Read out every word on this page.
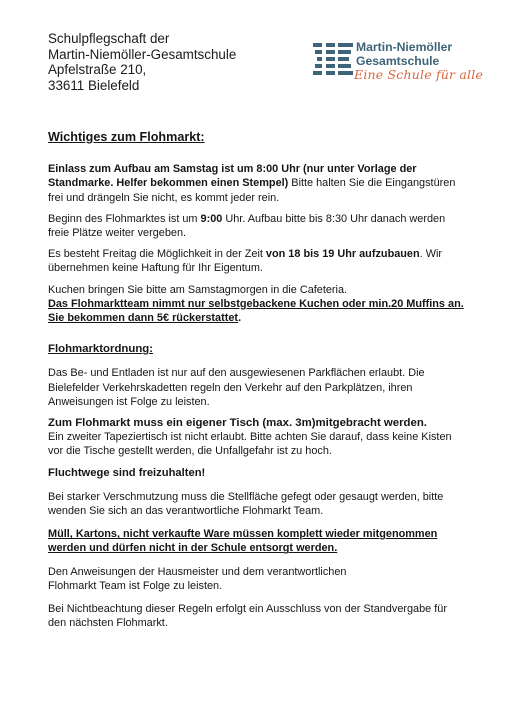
Schulpflegschaft der
Martin-Niemöller-Gesamtschule
Apfelstraße 210,
33611 Bielefeld
Martin-Niemöller
Gesamtschule
Eine Schule für alle
Wichtiges zum Flohmarkt:
Einlass zum Aufbau am Samstag ist um 8:00 Uhr (nur unter Vorlage der Standmarke. Helfer bekommen einen Stempel) Bitte halten Sie die Eingangstüren frei und drängeln Sie nicht, es kommt jeder rein.
Beginn des Flohmarktes ist um 9:00 Uhr. Aufbau bitte bis 8:30 Uhr danach werden freie Plätze weiter vergeben.
Es besteht Freitag die Möglichkeit in der Zeit von 18 bis 19 Uhr aufzubauen. Wir übernehmen keine Haftung für Ihr Eigentum.
Kuchen bringen Sie bitte am Samstagmorgen in die Cafeteria.
Das Flohmarktteam nimmt nur selbstgebackene Kuchen oder min.20 Muffins an. Sie bekommen dann 5€ rückerstattet.
Flohmarktordnung:
Das Be- und Entladen ist nur auf den ausgewiesenen Parkflächen erlaubt. Die Bielefelder Verkehrskadetten regeln den Verkehr auf den Parkplätzen, ihren Anweisungen ist Folge zu leisten.
Zum Flohmarkt muss ein eigener Tisch (max. 3m)mitgebracht werden.
Ein zweiter Tapeziertisch ist nicht erlaubt. Bitte achten Sie darauf, dass keine Kisten vor die Tische gestellt werden, die Unfallgefahr ist zu hoch.
Fluchtwege sind freizuhalten!
Bei starker Verschmutzung muss die Stellfläche gefegt oder gesaugt werden, bitte wenden Sie sich an das verantwortliche Flohmarkt Team.
Müll, Kartons, nicht verkaufte Ware müssen komplett wieder mitgenommen werden und dürfen nicht in der Schule entsorgt werden.
Den Anweisungen der Hausmeister und dem verantwortlichen
Flohmarkt Team ist Folge zu leisten.
Bei Nichtbeachtung dieser Regeln erfolgt ein Ausschluss von der Standvergabe für den nächsten Flohmarkt.
